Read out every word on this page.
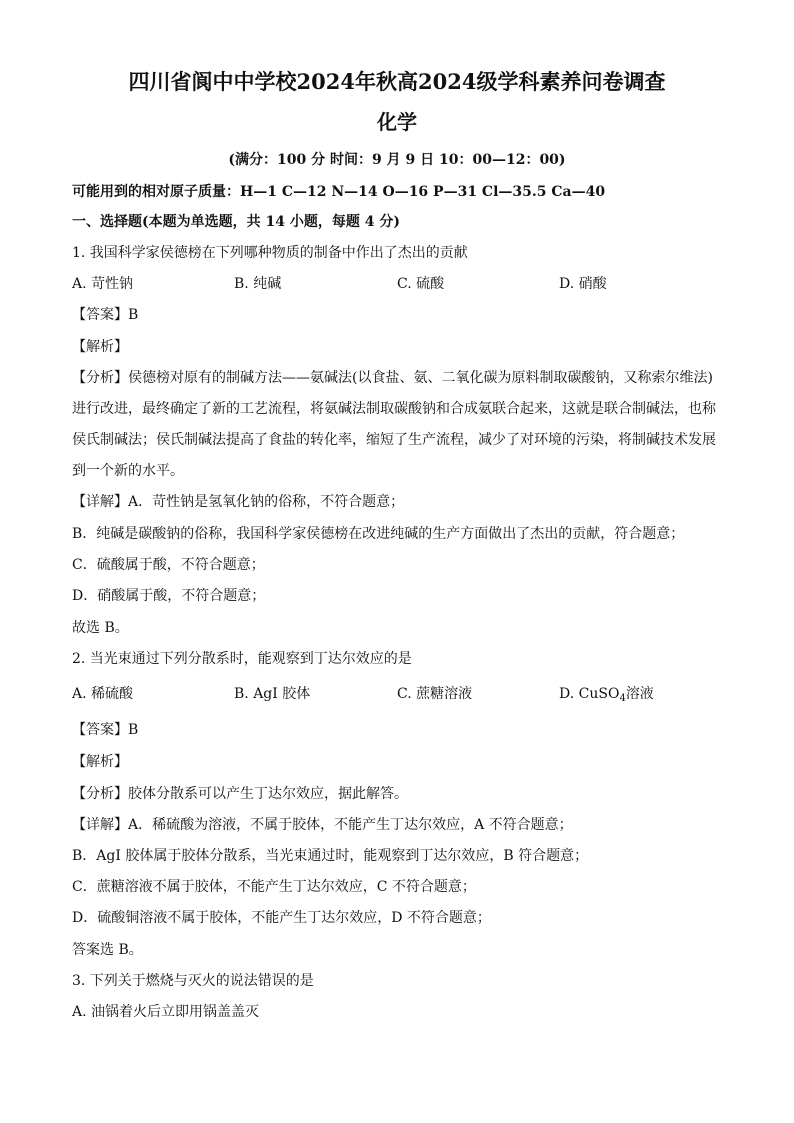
四川省阆中中学校2024年秋高2024级学科素养问卷调查
化学
(满分：100 分 时间：9 月 9 日 10：00—12：00)
可能用到的相对原子质量：H—1 C—12 N—14 O—16 P—31 Cl—35.5 Ca—40
一、选择题(本题为单选题，共 14 小题，每题 4 分)
1. 我国科学家侯德榜在下列哪种物质的制备中作出了杰出的贡献
A. 苛性钠	B. 纯碱	C. 硫酸	D. 硝酸
【答案】B
【解析】
【分析】侯德榜对原有的制碱方法——氨碱法(以食盐、氨、二氧化碳为原料制取碳酸钠，又称索尔维法)
进行改进，最终确定了新的工艺流程，将氨碱法制取碳酸钠和合成氨联合起来，这就是联合制碱法，也称
侯氏制碱法；侯氏制碱法提高了食盐的转化率，缩短了生产流程，减少了对环境的污染，将制碱技术发展
到一个新的水平。
【详解】A．苛性钠是氢氧化钠的俗称，不符合题意；
B．纯碱是碳酸钠的俗称，我国科学家侯德榜在改进纯碱的生产方面做出了杰出的贡献，符合题意；
C．硫酸属于酸，不符合题意；
D．硝酸属于酸，不符合题意；
故选 B。
2. 当光束通过下列分散系时，能观察到丁达尔效应的是
A. 稀硫酸	B. AgI 胶体	C. 蔗糖溶液	D. CuSO$_4$溶液
【答案】B
【解析】
【分析】胶体分散系可以产生丁达尔效应，据此解答。
【详解】A．稀硫酸为溶液，不属于胶体，不能产生丁达尔效应，A 不符合题意；
B．AgI 胶体属于胶体分散系，当光束通过时，能观察到丁达尔效应，B 符合题意；
C．蔗糖溶液不属于胶体，不能产生丁达尔效应，C 不符合题意；
D．硫酸铜溶液不属于胶体，不能产生丁达尔效应，D 不符合题意；
答案选 B。
3. 下列关于燃烧与灭火的说法错误的是
A. 油锅着火后立即用锅盖盖灭
